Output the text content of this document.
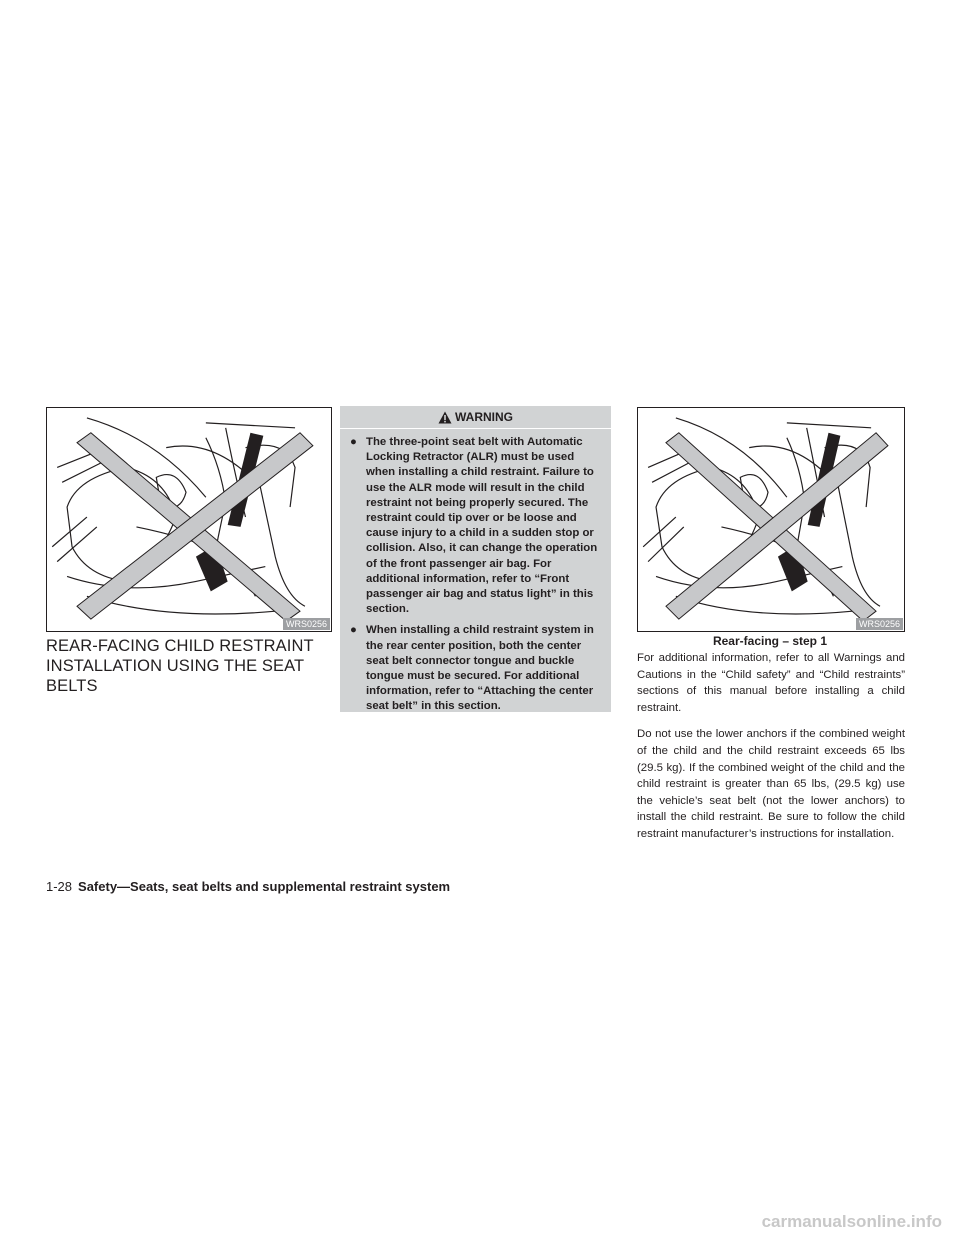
WRS0256
REAR-FACING CHILD RESTRAINT INSTALLATION USING THE SEAT BELTS
WARNING
● The three-point seat belt with Automatic Locking Retractor (ALR) must be used when installing a child restraint. Failure to use the ALR mode will result in the child restraint not being properly secured. The restraint could tip over or be loose and cause injury to a child in a sudden stop or collision. Also, it can change the operation of the front passenger air bag. For additional information, refer to “Front passenger air bag and status light” in this section.
● When installing a child restraint system in the rear center position, both the center seat belt connector tongue and buckle tongue must be secured. For additional information, refer to “Attaching the center seat belt” in this section.
WRS0256
Rear-facing – step 1

For additional information, refer to all Warnings and Cautions in the “Child safety” and “Child restraints” sections of this manual before installing a child restraint.

Do not use the lower anchors if the combined weight of the child and the child restraint exceeds 65 lbs (29.5 kg). If the combined weight of the child and the child restraint is greater than 65 lbs, (29.5 kg) use the vehicle’s seat belt (not the lower anchors) to install the child restraint. Be sure to follow the child restraint manufacturer’s instructions for installation.

1-28 Safety—Seats, seat belts and supplemental restraint system
carmanualsonline.info
